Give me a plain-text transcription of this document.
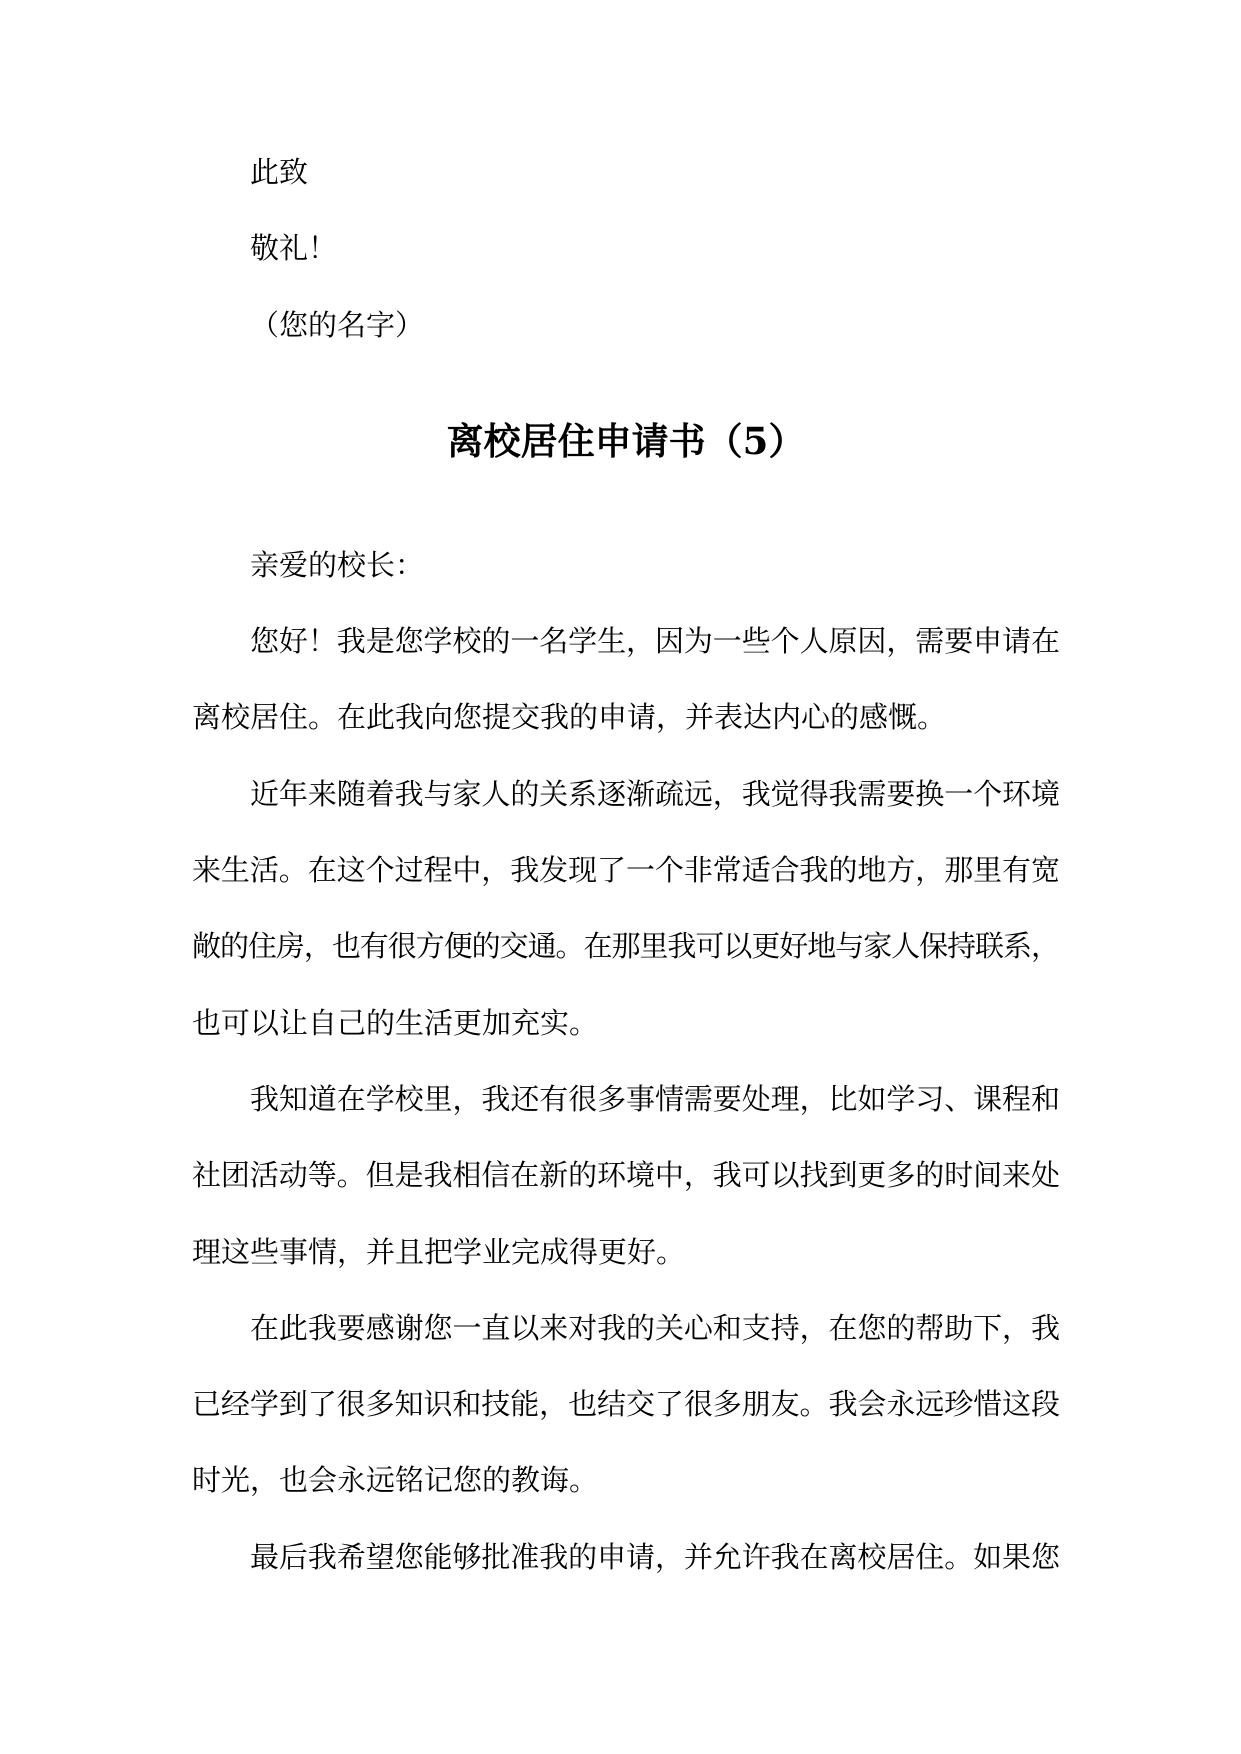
此致
敬礼！
（您的名字）
离校居住申请书（5）
亲爱的校长：
您好！我是您学校的一名学生，因为一些个人原因，需要申请在
离校居住。在此我向您提交我的申请，并表达内心的感慨。
近年来随着我与家人的关系逐渐疏远，我觉得我需要换一个环境
来生活。在这个过程中，我发现了一个非常适合我的地方，那里有宽
敞的住房，也有很方便的交通。在那里我可以更好地与家人保持联系，
也可以让自己的生活更加充实。
我知道在学校里，我还有很多事情需要处理，比如学习、课程和
社团活动等。但是我相信在新的环境中，我可以找到更多的时间来处
理这些事情，并且把学业完成得更好。
在此我要感谢您一直以来对我的关心和支持，在您的帮助下，我
已经学到了很多知识和技能，也结交了很多朋友。我会永远珍惜这段
时光，也会永远铭记您的教诲。
最后我希望您能够批准我的申请，并允许我在离校居住。如果您
